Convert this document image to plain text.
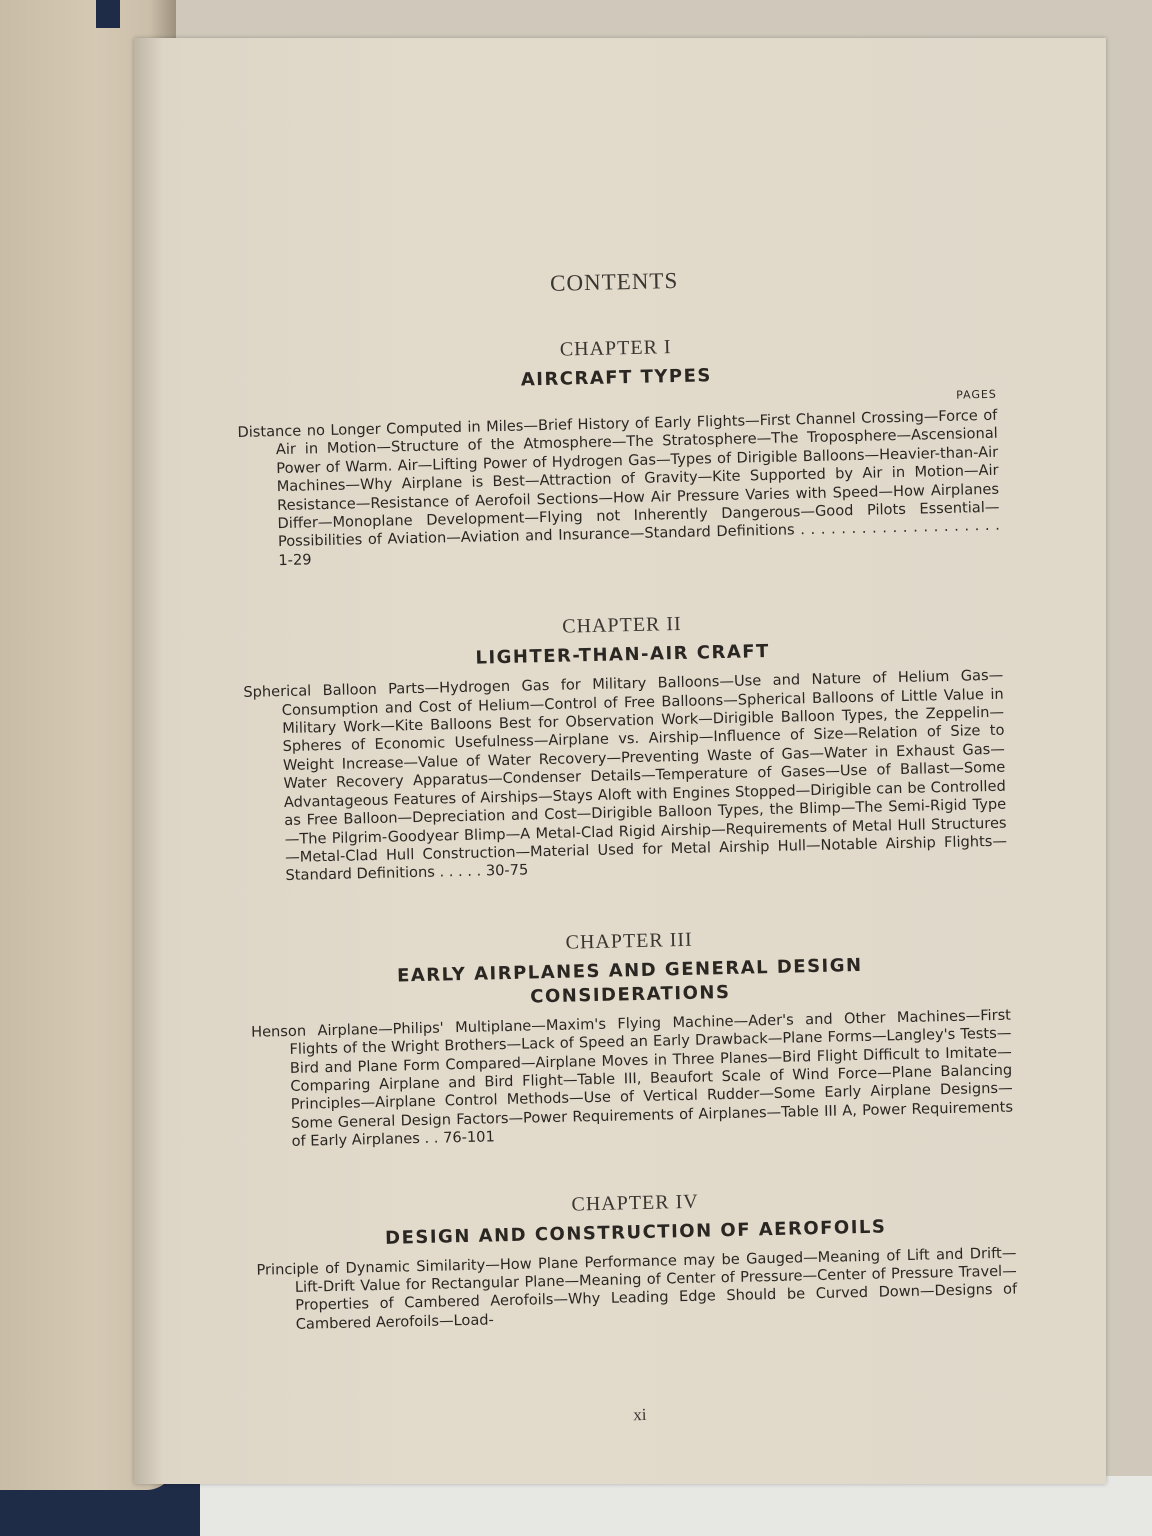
CONTENTS
CHAPTER I
AIRCRAFT TYPES
PAGES

Distance no Longer Computed in Miles—Brief History of Early Flights—First Channel Crossing—Force of Air in Motion—Structure of the Atmosphere—The Stratosphere—The Troposphere—Ascensional Power of Warm. Air—Lifting Power of Hydrogen Gas—Types of Dirigible Balloons—Heavier-than-Air Machines—Why Airplane is Best—Attraction of Gravity—Kite Supported by Air in Motion—Air Resistance—Resistance of Aerofoil Sections—How Air Pressure Varies with Speed—How Airplanes Differ—Monoplane Development—Flying not Inherently Dangerous—Good Pilots Essential—Possibilities of Aviation—Aviation and Insurance—Standard Definitions . . . . . . . . . . . . . . . . . . . . 1-29

CHAPTER II
LIGHTER-THAN-AIR CRAFT

Spherical Balloon Parts—Hydrogen Gas for Military Balloons—Use and Nature of Helium Gas—Consumption and Cost of Helium—Control of Free Balloons—Spherical Balloons of Little Value in Military Work—Kite Balloons Best for Observation Work—Dirigible Balloon Types, the Zeppelin—Spheres of Economic Usefulness—Airplane vs. Airship—Influence of Size—Relation of Size to Weight Increase—Value of Water Recovery—Preventing Waste of Gas—Water in Exhaust Gas—Water Recovery Apparatus—Condenser Details—Temperature of Gases—Use of Ballast—Some Advantageous Features of Airships—Stays Aloft with Engines Stopped—Dirigible can be Controlled as Free Balloon—Depreciation and Cost—Dirigible Balloon Types, the Blimp—The Semi-Rigid Type—The Pilgrim-Goodyear Blimp—A Metal-Clad Rigid Airship—Requirements of Metal Hull Structures—Metal-Clad Hull Construction—Material Used for Metal Airship Hull—Notable Airship Flights—Standard Definitions . . . . . 30-75

CHAPTER III
EARLY AIRPLANES AND GENERAL DESIGN CONSIDERATIONS

Henson Airplane—Philips' Multiplane—Maxim's Flying Machine—Ader's and Other Machines—First Flights of the Wright Brothers—Lack of Speed an Early Drawback—Plane Forms—Langley's Tests—Bird and Plane Form Compared—Airplane Moves in Three Planes—Bird Flight Difficult to Imitate—Comparing Airplane and Bird Flight—Table III, Beaufort Scale of Wind Force—Plane Balancing Principles—Airplane Control Methods—Use of Vertical Rudder—Some Early Airplane Designs—Some General Design Factors—Power Requirements of Airplanes—Table III A, Power Requirements of Early Airplanes . . 76-101

CHAPTER IV
DESIGN AND CONSTRUCTION OF AEROFOILS

Principle of Dynamic Similarity—How Plane Performance may be Gauged—Meaning of Lift and Drift—Lift-Drift Value for Rectangular Plane—Meaning of Center of Pressure—Center of Pressure Travel—Properties of Cambered Aerofoils—Why Leading Edge Should be Curved Down—Designs of Cambered Aerofoils—Load-

xi
